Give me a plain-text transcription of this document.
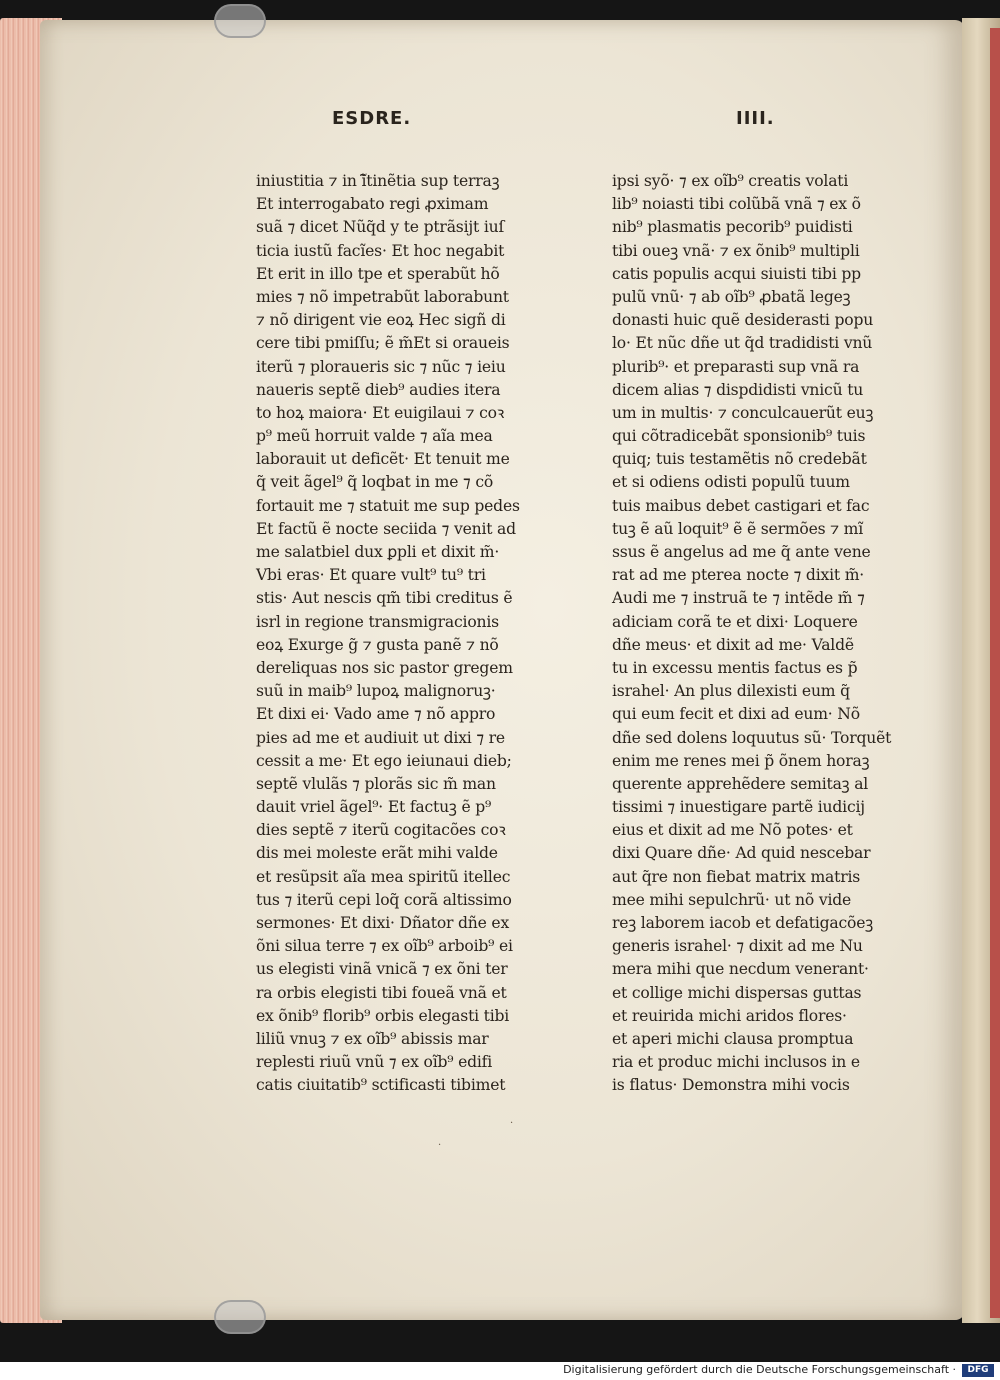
ESDRE.	IIII.
iniustitia ⁊ in ĩ̃tinẽtia sup terraꝫ
Et interrogabato regi ꝓximam
suã ⁊ dicet Nũq̃d y te ptrãsijt iuſ
ticia iustũ facĩes· Et hoc negabit
Et erit in illo tpe et sperabũt hõ
mies ⁊ nõ impetrabũt laborabunt
⁊ nõ dirigent vie eoꝝ Hec sigñ di
cere tibi pmiſſu; ẽ m̃Et si oraueis
iterũ ⁊ ploraueris sic ⁊ nũc ⁊ ieiu
naueris septẽ dieb⁹ audies itera
to hoꝝ maiora· Et euigilaui ⁊ coꝛ
p⁹ meũ horruit valde ⁊ aĩa mea
laborauit ut deficẽt· Et tenuit me
q̃ veit ãgel⁹ q̃ loqbat in me ⁊ cõ
fortauit me ⁊ statuit me sup pedes
Et factũ ẽ nocte seciida ⁊ venit ad
me salatbiel dux ꝑpli et dixit m̃·
Vbi eras· Et quare vult⁹ tu⁹ tri
stis· Aut nescis qm̃ tibi creditus ẽ
isrl in regione transmigracionis
eoꝝ Exurge g̃ ⁊ gusta panẽ ⁊ nõ
dereliquas nos sic pastor gregem
suũ in maib⁹ lupoꝝ malignoruꝫ·
Et dixi ei· Vado ame ⁊ nõ appro
pies ad me et audiuit ut dixi ⁊ re
cessit a me· Et ego ieiunaui dieb;
septẽ vlulãs ⁊ plorãs sic m̃ man
dauit vriel ãgel⁹· Et factuꝫ ẽ p⁹
dies septẽ ⁊ iterũ cogitacões coꝛ
dis mei moleste erãt mihi valde
et resũpsit aĩa mea spiritũ itellec
tus ⁊ iterũ cepi loq̃ corã altissimo
sermones· Et dixi· Dñator dñe ex
õni silua terre ⁊ ex oĩb⁹ arboib⁹ ei
us elegisti vinã vnicã ⁊ ex õni ter
ra orbis elegisti tibi foueã vnã et
ex õnib⁹ florib⁹ orbis elegasti tibi
liliũ vnuꝫ ⁊ ex oĩb⁹ abissis mar
replesti riuũ vnũ ⁊ ex oĩb⁹ edifi
catis ciuitatib⁹ sctificasti tibimet
ipsi syõ· ⁊ ex oĩb⁹ creatis volati
lib⁹ noiasti tibi colũbã vnã ⁊ ex õ
nib⁹ plasmatis pecorib⁹ puidisti
tibi oueꝫ vnã· ⁊ ex õnib⁹ multipli
catis populis acqui siuisti tibi pp
pulũ vnũ· ⁊ ab oĩb⁹ ꝓbatã legeꝫ
donasti huic quẽ desiderasti popu
lo· Et nũc dñe ut q̃d tradidisti vnũ
plurib⁹· et preparasti sup vnã ra
dicem alias ⁊ dispdidisti vnicũ tu
um in multis· ⁊ conculcauerũt euꝫ
qui cõtradicebãt sponsionib⁹ tuis
quiq; tuis testamẽtis nõ credebãt
et si odiens odisti populũ tuum
tuis maibus debet castigari et fac
tuꝫ ẽ aũ loquit⁹ ẽ ẽ sermões ⁊ mĩ
ssus ẽ angelus ad me q̃ ante vene
rat ad me pterea nocte ⁊ dixit m̃·
Audi me ⁊ instruã te ⁊ intẽde m̃ ⁊
adiciam corã te et dixi· Loquere
dñe meus· et dixit ad me· Valdẽ
tu in excessu mentis factus es p̃
israhel· An plus dilexisti eum q̃
qui eum fecit et dixi ad eum· Nõ
dñe sed dolens loquutus sũ· Torquẽt
enim me renes mei p̃ õnem horaꝫ
querente apprehẽdere semitaꝫ al
tissimi ⁊ inuestigare partẽ iudicij
eius et dixit ad me Nõ potes· et
dixi Quare dñe· Ad quid nescebar
aut q̃re non fiebat matrix matris
mee mihi sepulchrũ· ut nõ vide
reꝫ laborem iacob et defatigacõeꝫ
generis israhel· ⁊ dixit ad me Nu
mera mihi que necdum venerant·
et collige michi dispersas guttas
et reuirida michi aridos flores·
et aperi michi clausa promptua
ria et produc michi inclusos in e
is flatus· Demonstra mihi vocis
·
·
Digitalisierung gefördert durch die Deutsche Forschungsgemeinschaft ·	DFG
